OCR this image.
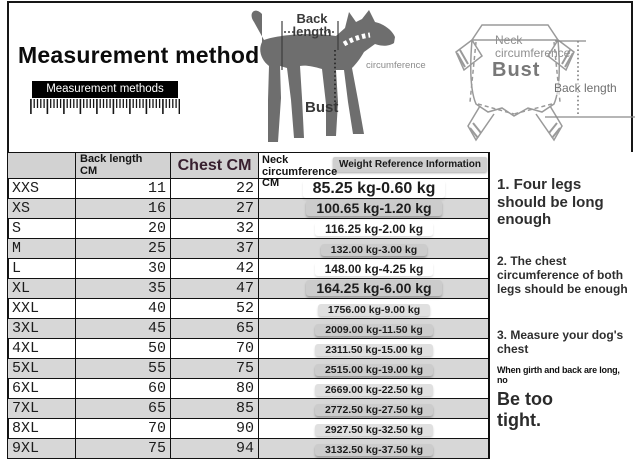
Measurement method
Measurement methods
Back
length
circumference
Bust
Neck
circumference
Bust
Back length

	Back length
CM	Chest CM	Neck
circumference
CM
Weight Reference Information

XXS	11	22	85.25 kg-0.60 kg
XS	16	27	100.65 kg-1.20 kg
S	20	32	116.25 kg-2.00 kg
M	25	37	132.00 kg-3.00 kg
L	30	42	148.00 kg-4.25 kg
XL	35	47	164.25 kg-6.00 kg
XXL	40	52	1756.00 kg-9.00 kg
3XL	45	65	2009.00 kg-11.50 kg
4XL	50	70	2311.50 kg-15.00 kg
5XL	55	75	2515.00 kg-19.00 kg
6XL	60	80	2669.00 kg-22.50 kg
7XL	65	85	2772.50 kg-27.50 kg
8XL	70	90	2927.50 kg-32.50 kg
9XL	75	94	3132.50 kg-37.50 kg
1. Four legs should be long enough
2. The chest circumference of both legs should be enough
3. Measure your dog's chest
When girth and back are long, no
Be too tight.
